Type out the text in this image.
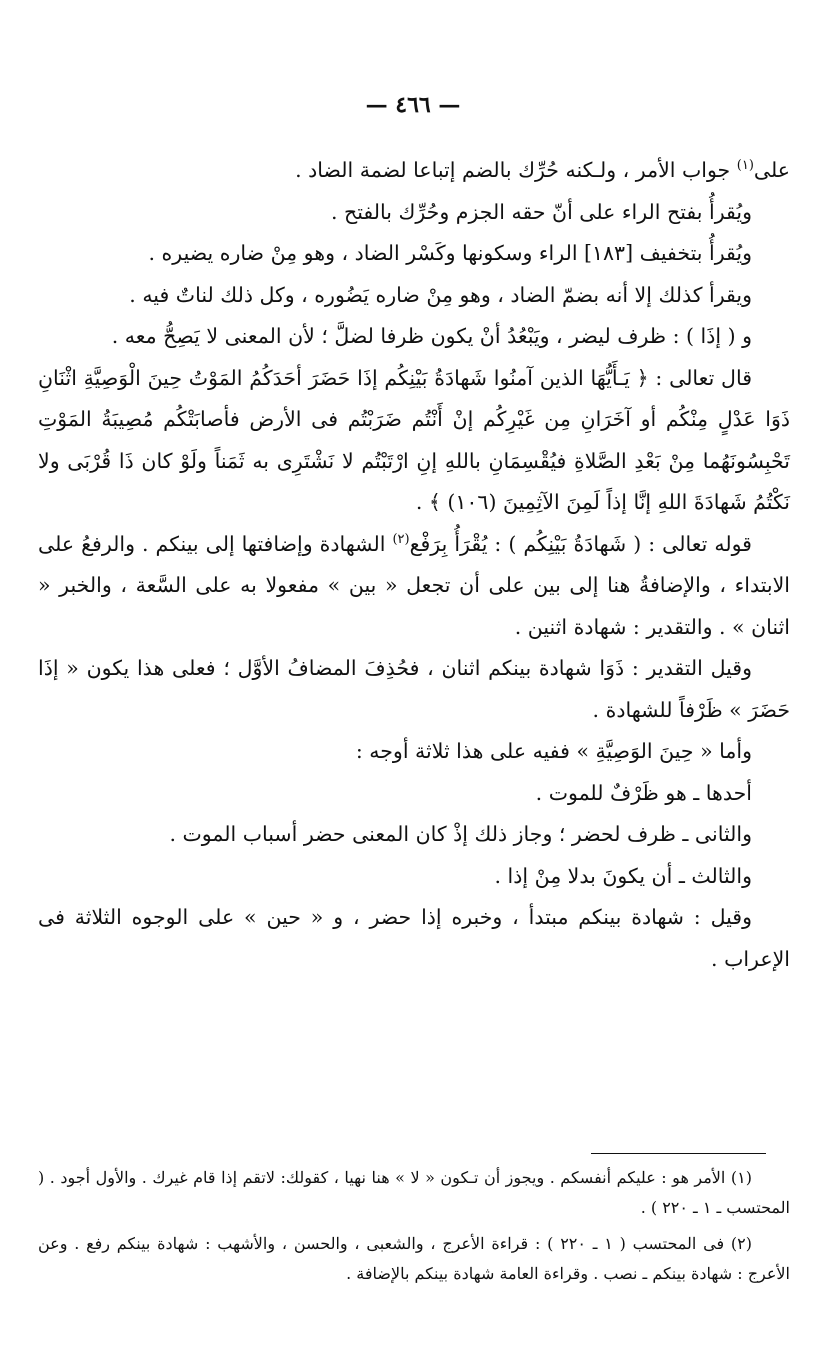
— ٤٦٦ —

على$^{(١)}$ جواب الأمر ، ولـكنه حُرِّك بالضم إتباعا لضمة الضاد .

ويُقرأُ بفتح الراء على أنّ حقه الجزم وحُرِّك بالفتح .

ويُقرأُ بتخفيف [١٨٣] الراء وسكونها وكَسْر الضاد ، وهو مِنْ ضاره يضيره .

ويقرأ كذلك إلا أنه بضمّ الضاد ، وهو مِنْ ضاره يَضُوره ، وكل ذلك لناتٌ فيه .

و ( إذَا ) : ظرف ليضر ، ويَبْعُدُ أنْ يكون ظرفا لضلَّ ؛ لأن المعنى لا يَصِحُّ معه .

قال تعالى : ﴿ يَـأَيُّهَا الذين آمنُوا شَهادَةُ بَيْنِكُم إذَا حَضَرَ أحَدَكُمُ المَوْتُ حِينَ الْوَصِيَّةِ اثْنَانِ ذَوَا عَدْلٍ مِنْكُم أو آخَرَانِ مِن غَيْرِكُم إنْ أَنْتُم ضَرَبْتُم فى الأرض فأصابَتْكُم مُصِيبَةُ المَوْتِ تَحْبِسُونَهُما مِنْ بَعْدِ الصَّلاةِ فيُقْسِمَانِ باللهِ إنِ ارْتَبْتُم لا نَشْتَرِى به ثَمَناً ولَوْ كان ذَا قُرْبَى ولا نَكْتُمُ شَهادَةَ اللهِ إنَّا إذاً لَمِنَ الآثِمِينَ (١٠٦) ﴾ .

قوله تعالى : ( شَهادَةُ بَيْنِكُم ) : يُقْرَأُ بِرَفْع$^{(٢)}$ الشهادة وإضافتها إلى بينكم . والرفعُ على الابتداء ، والإضافةُ هنا إلى بين على أن تجعل « بين » مفعولا به على السَّعة ، والخبر « اثنان » . والتقدير : شهادة اثنين .

وقيل التقدير : ذَوَا شهادة بينكم اثنان ، فحُذِفَ المضافُ الأوَّل ؛ فعلى هذا يكون « إذَا حَضَرَ » ظَرْفاً للشهادة .

وأما « حِينَ الوَصِيَّةِ » ففيه على هذا ثلاثة أوجه :

أحدها ـ هو ظَرْفٌ للموت .

والثانى ـ ظرف لحضر ؛ وجاز ذلك إذْ كان المعنى حضر أسباب الموت .

والثالث ـ أن يكونَ بدلا مِنْ إذا .

وقيل : شهادة بينكم مبتدأ ، وخبره إذا حضر ، و « حين » على الوجوه الثلاثة فى الإعراب .

(١) الأمر هو : عليكم أنفسكم . ويجوز أن تـكون « لا » هنا نهيا ، كقولك: لاتقم إذا قام غيرك . والأول أجود . ( المحتسب ـ ١ ـ ٢٢٠ ) .

(٢) فى المحتسب ( ١ ـ ٢٢٠ ) : قراءة الأعرج ، والشعبى ، والحسن ، والأشهب : شهادة بينكم رفع . وعن الأعرج : شهادة بينكم ـ نصب . وقراءة العامة شهادة بينكم بالإضافة .
